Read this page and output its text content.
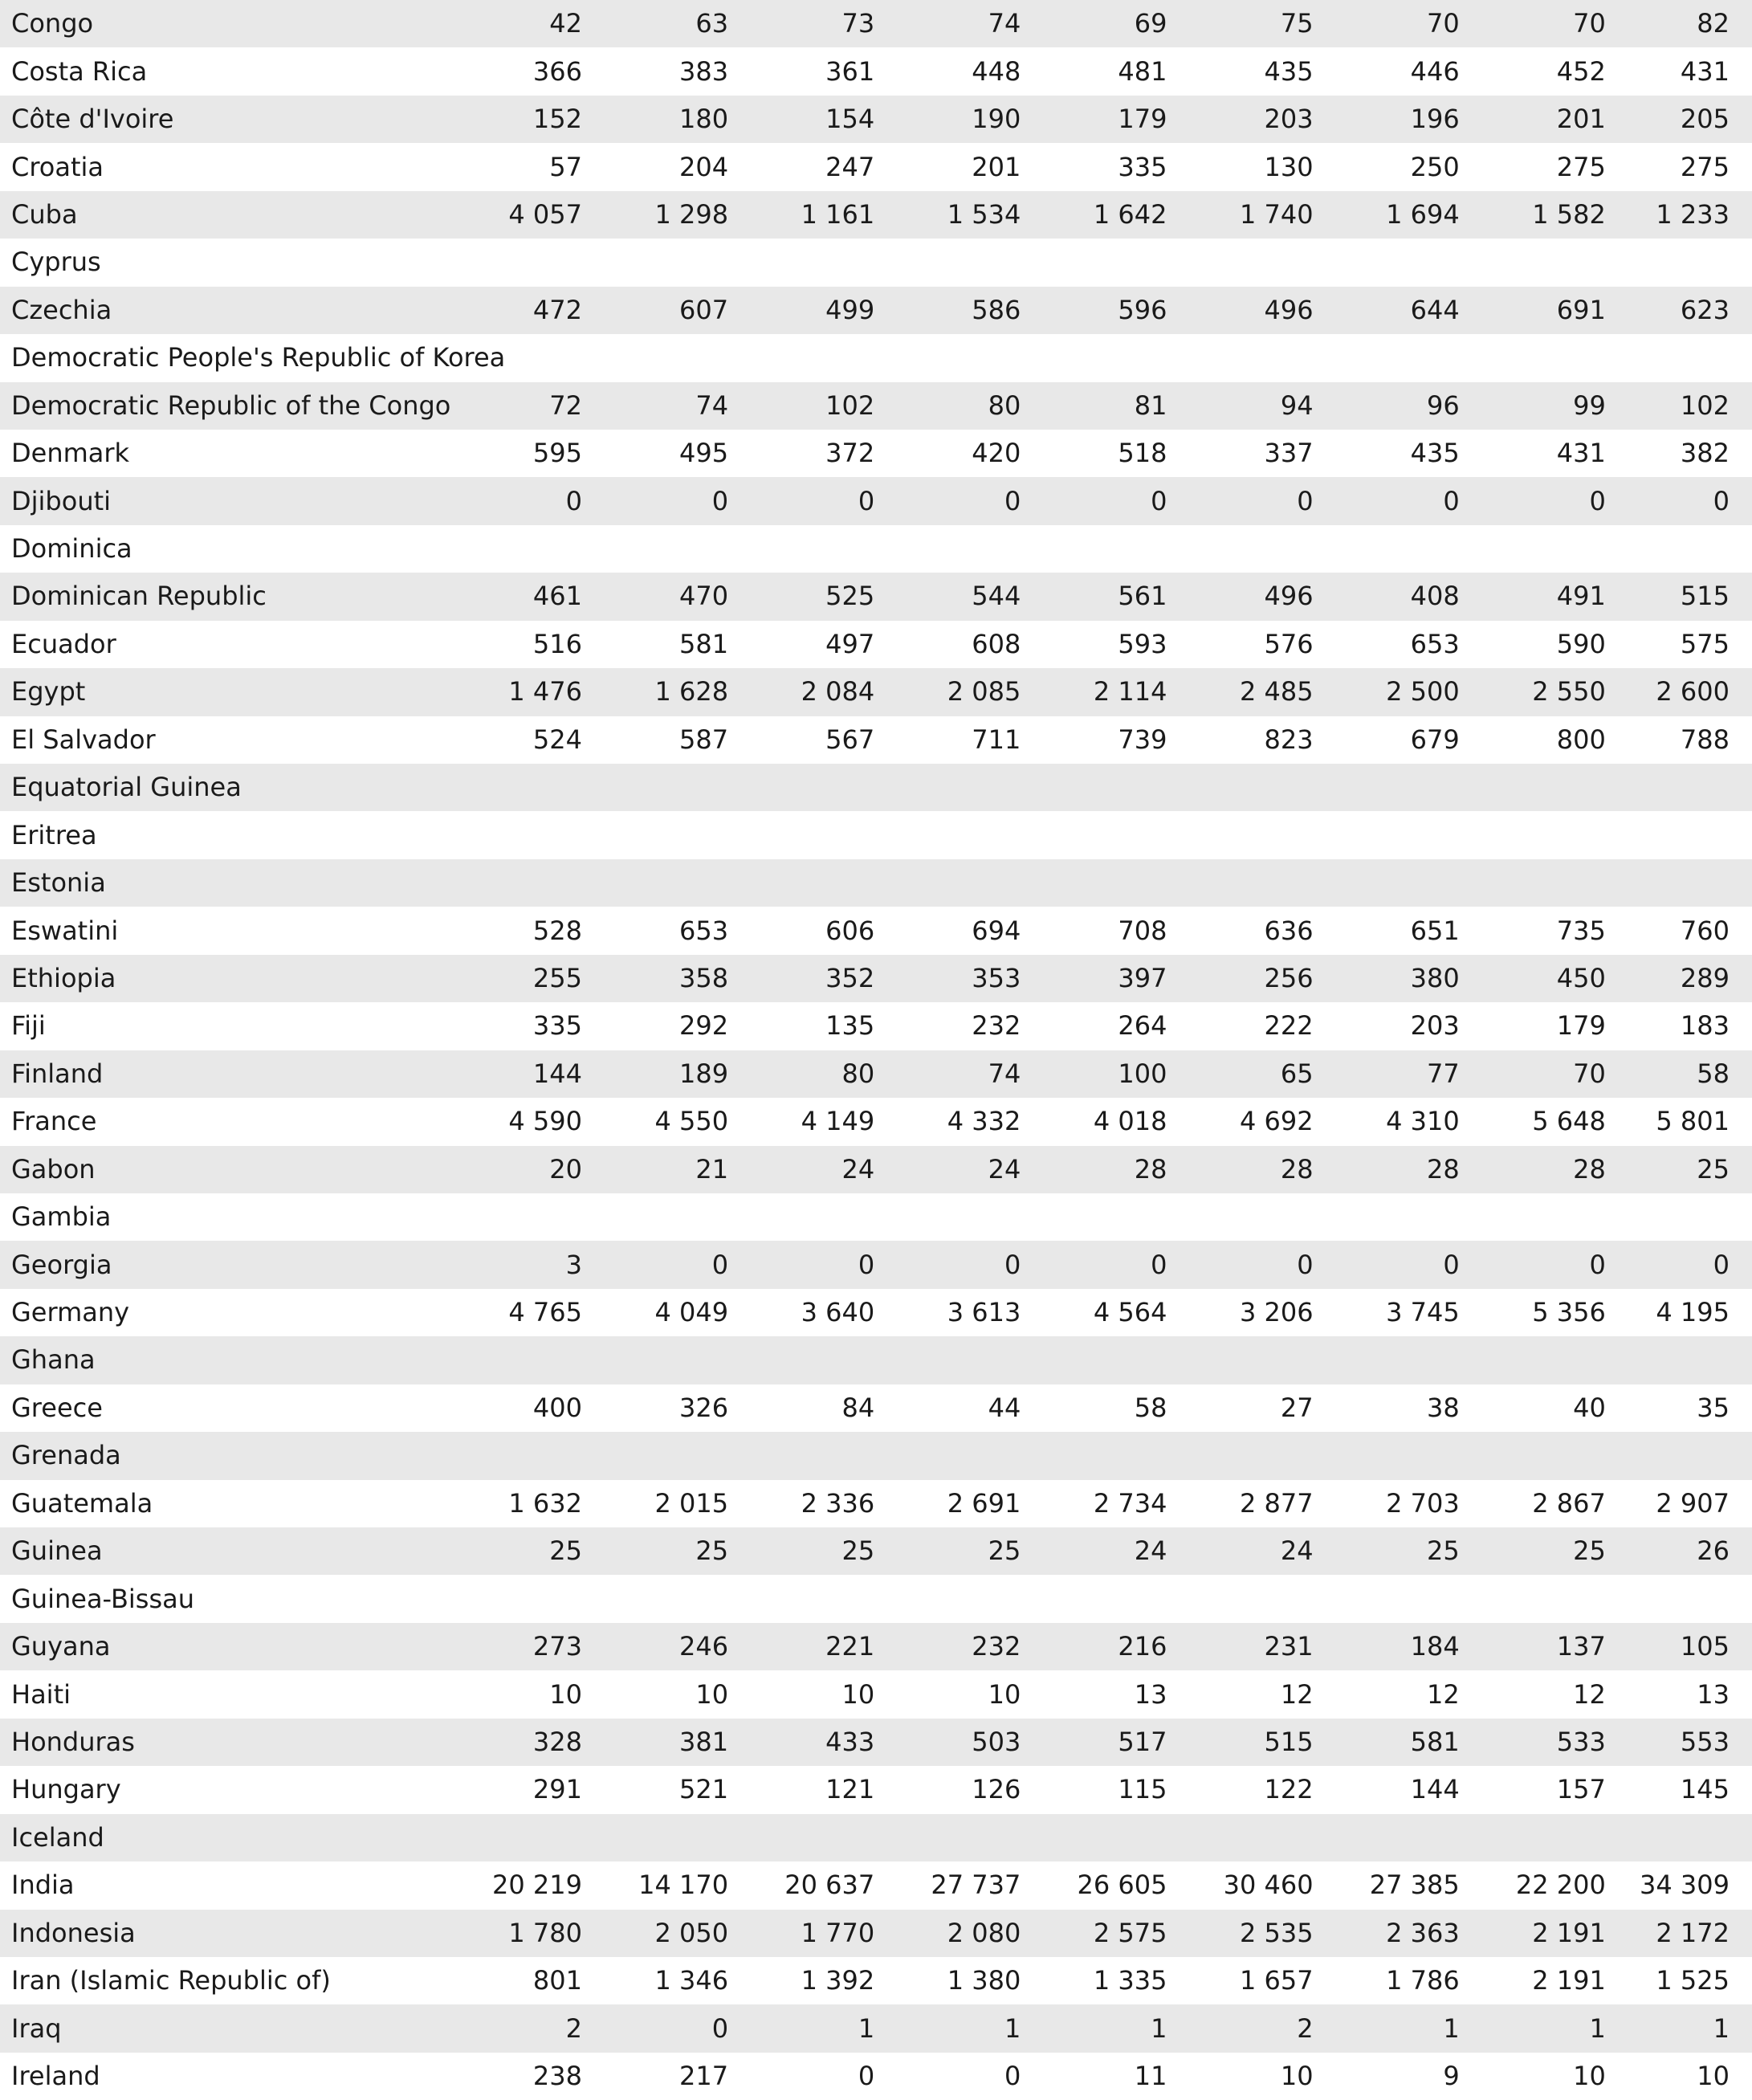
Congo	42	63	73	74	69	75	70	70	82
Costa Rica	366	383	361	448	481	435	446	452	431
Côte d'Ivoire	152	180	154	190	179	203	196	201	205
Croatia	57	204	247	201	335	130	250	275	275
Cuba	4 057	1 298	1 161	1 534	1 642	1 740	1 694	1 582	1 233
Cyprus									
Czechia	472	607	499	586	596	496	644	691	623
Democratic People's Republic of Korea									
Democratic Republic of the Congo	72	74	102	80	81	94	96	99	102
Denmark	595	495	372	420	518	337	435	431	382
Djibouti	0	0	0	0	0	0	0	0	0
Dominica									
Dominican Republic	461	470	525	544	561	496	408	491	515
Ecuador	516	581	497	608	593	576	653	590	575
Egypt	1 476	1 628	2 084	2 085	2 114	2 485	2 500	2 550	2 600
El Salvador	524	587	567	711	739	823	679	800	788
Equatorial Guinea									
Eritrea									
Estonia									
Eswatini	528	653	606	694	708	636	651	735	760
Ethiopia	255	358	352	353	397	256	380	450	289
Fiji	335	292	135	232	264	222	203	179	183
Finland	144	189	80	74	100	65	77	70	58
France	4 590	4 550	4 149	4 332	4 018	4 692	4 310	5 648	5 801
Gabon	20	21	24	24	28	28	28	28	25
Gambia									
Georgia	3	0	0	0	0	0	0	0	0
Germany	4 765	4 049	3 640	3 613	4 564	3 206	3 745	5 356	4 195
Ghana									
Greece	400	326	84	44	58	27	38	40	35
Grenada									
Guatemala	1 632	2 015	2 336	2 691	2 734	2 877	2 703	2 867	2 907
Guinea	25	25	25	25	24	24	25	25	26
Guinea-Bissau									
Guyana	273	246	221	232	216	231	184	137	105
Haiti	10	10	10	10	13	12	12	12	13
Honduras	328	381	433	503	517	515	581	533	553
Hungary	291	521	121	126	115	122	144	157	145
Iceland									
India	20 219	14 170	20 637	27 737	26 605	30 460	27 385	22 200	34 309
Indonesia	1 780	2 050	1 770	2 080	2 575	2 535	2 363	2 191	2 172
Iran (Islamic Republic of)	801	1 346	1 392	1 380	1 335	1 657	1 786	2 191	1 525
Iraq	2	0	1	1	1	2	1	1	1
Ireland	238	217	0	0	11	10	9	10	10
